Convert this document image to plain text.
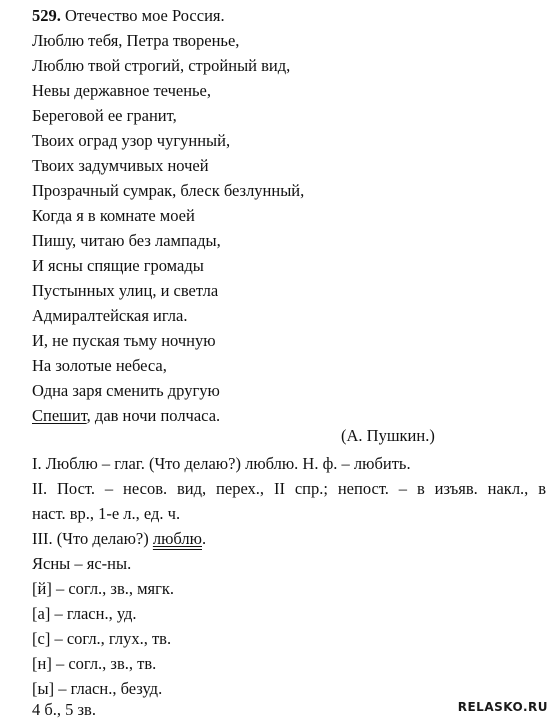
529. Отечество мое Россия.
Люблю тебя, Петра творенье,
Люблю твой строгий, стройный вид,
Невы державное теченье,
Береговой ее гранит,
Твоих оград узор чугунный,
Твоих задумчивых ночей
Прозрачный сумрак, блеск безлунный,
Когда я в комнате моей
Пишу, читаю без лампады,
И ясны спящие громады
Пустынных улиц, и светла
Адмиралтейская игла.
И, не пуская тьму ночную
На золотые небеса,
Одна заря сменить другую
Спешит, дав ночи полчаса.
(А. Пушкин.)
I. Люблю – глаг. (Что делаю?) люблю. Н. ф. – любить.
II. Пост. – несов. вид, перех., II спр.; непост. – в изъяв. накл., в
наст. вр., 1-е л., ед. ч.
III. (Что делаю?) люблю.
Ясны – яс-ны.
[й] – согл., зв., мягк.
[а] – гласн., уд.
[с] – согл., глух., тв.
[н] – согл., зв., тв.
[ы] – гласн., безуд.
4 б., 5 зв.	RELASKO.RU
